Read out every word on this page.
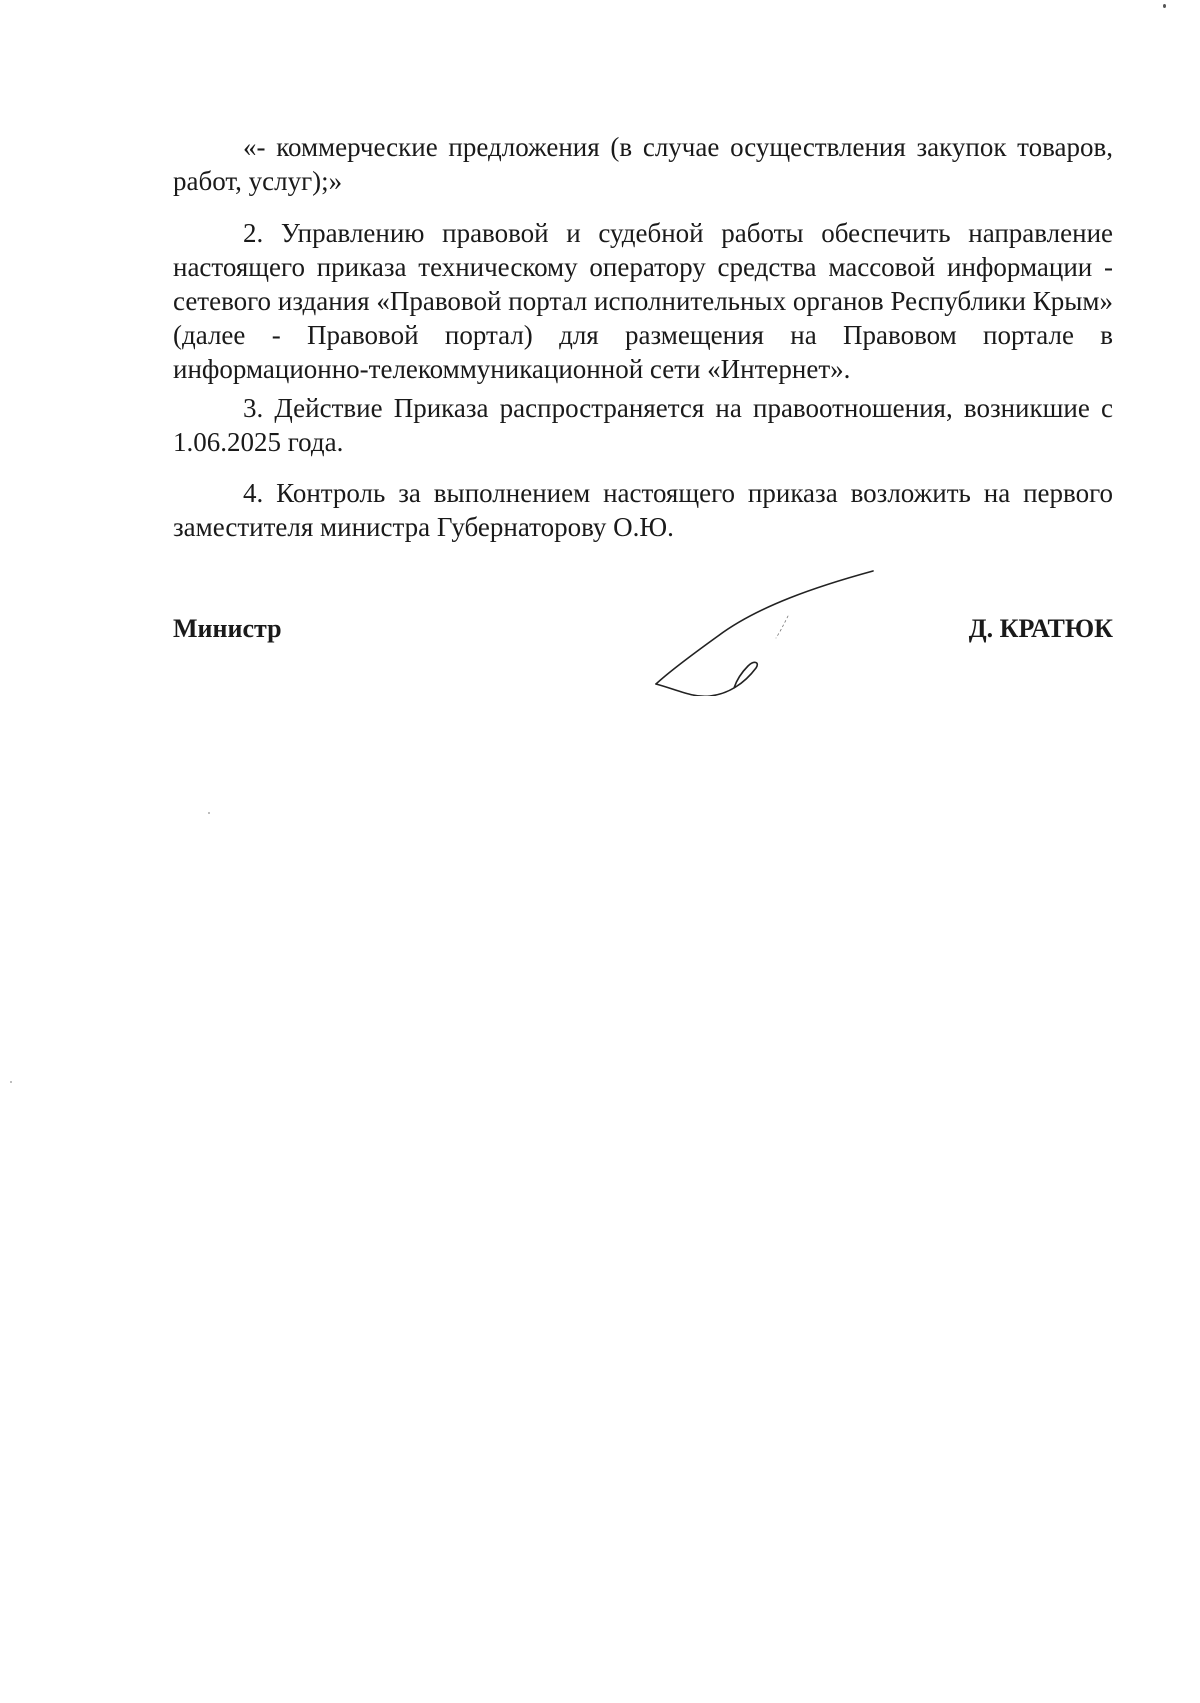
«- коммерческие предложения (в случае осуществления закупок товаров, работ, услуг);»

2. Управлению правовой и судебной работы обеспечить направление настоящего приказа техническому оператору средства массовой информации - сетевого издания «Правовой портал исполнительных органов Республики Крым» (далее - Правовой портал) для размещения на Правовом портале в информационно-телекоммуникационной сети «Интернет».

3. Действие Приказа распространяется на правоотношения, возникшие с 1.06.2025 года.

4. Контроль за выполнением настоящего приказа возложить на первого заместителя министра Губернаторову О.Ю.

Министр	Д. КРАТЮК
